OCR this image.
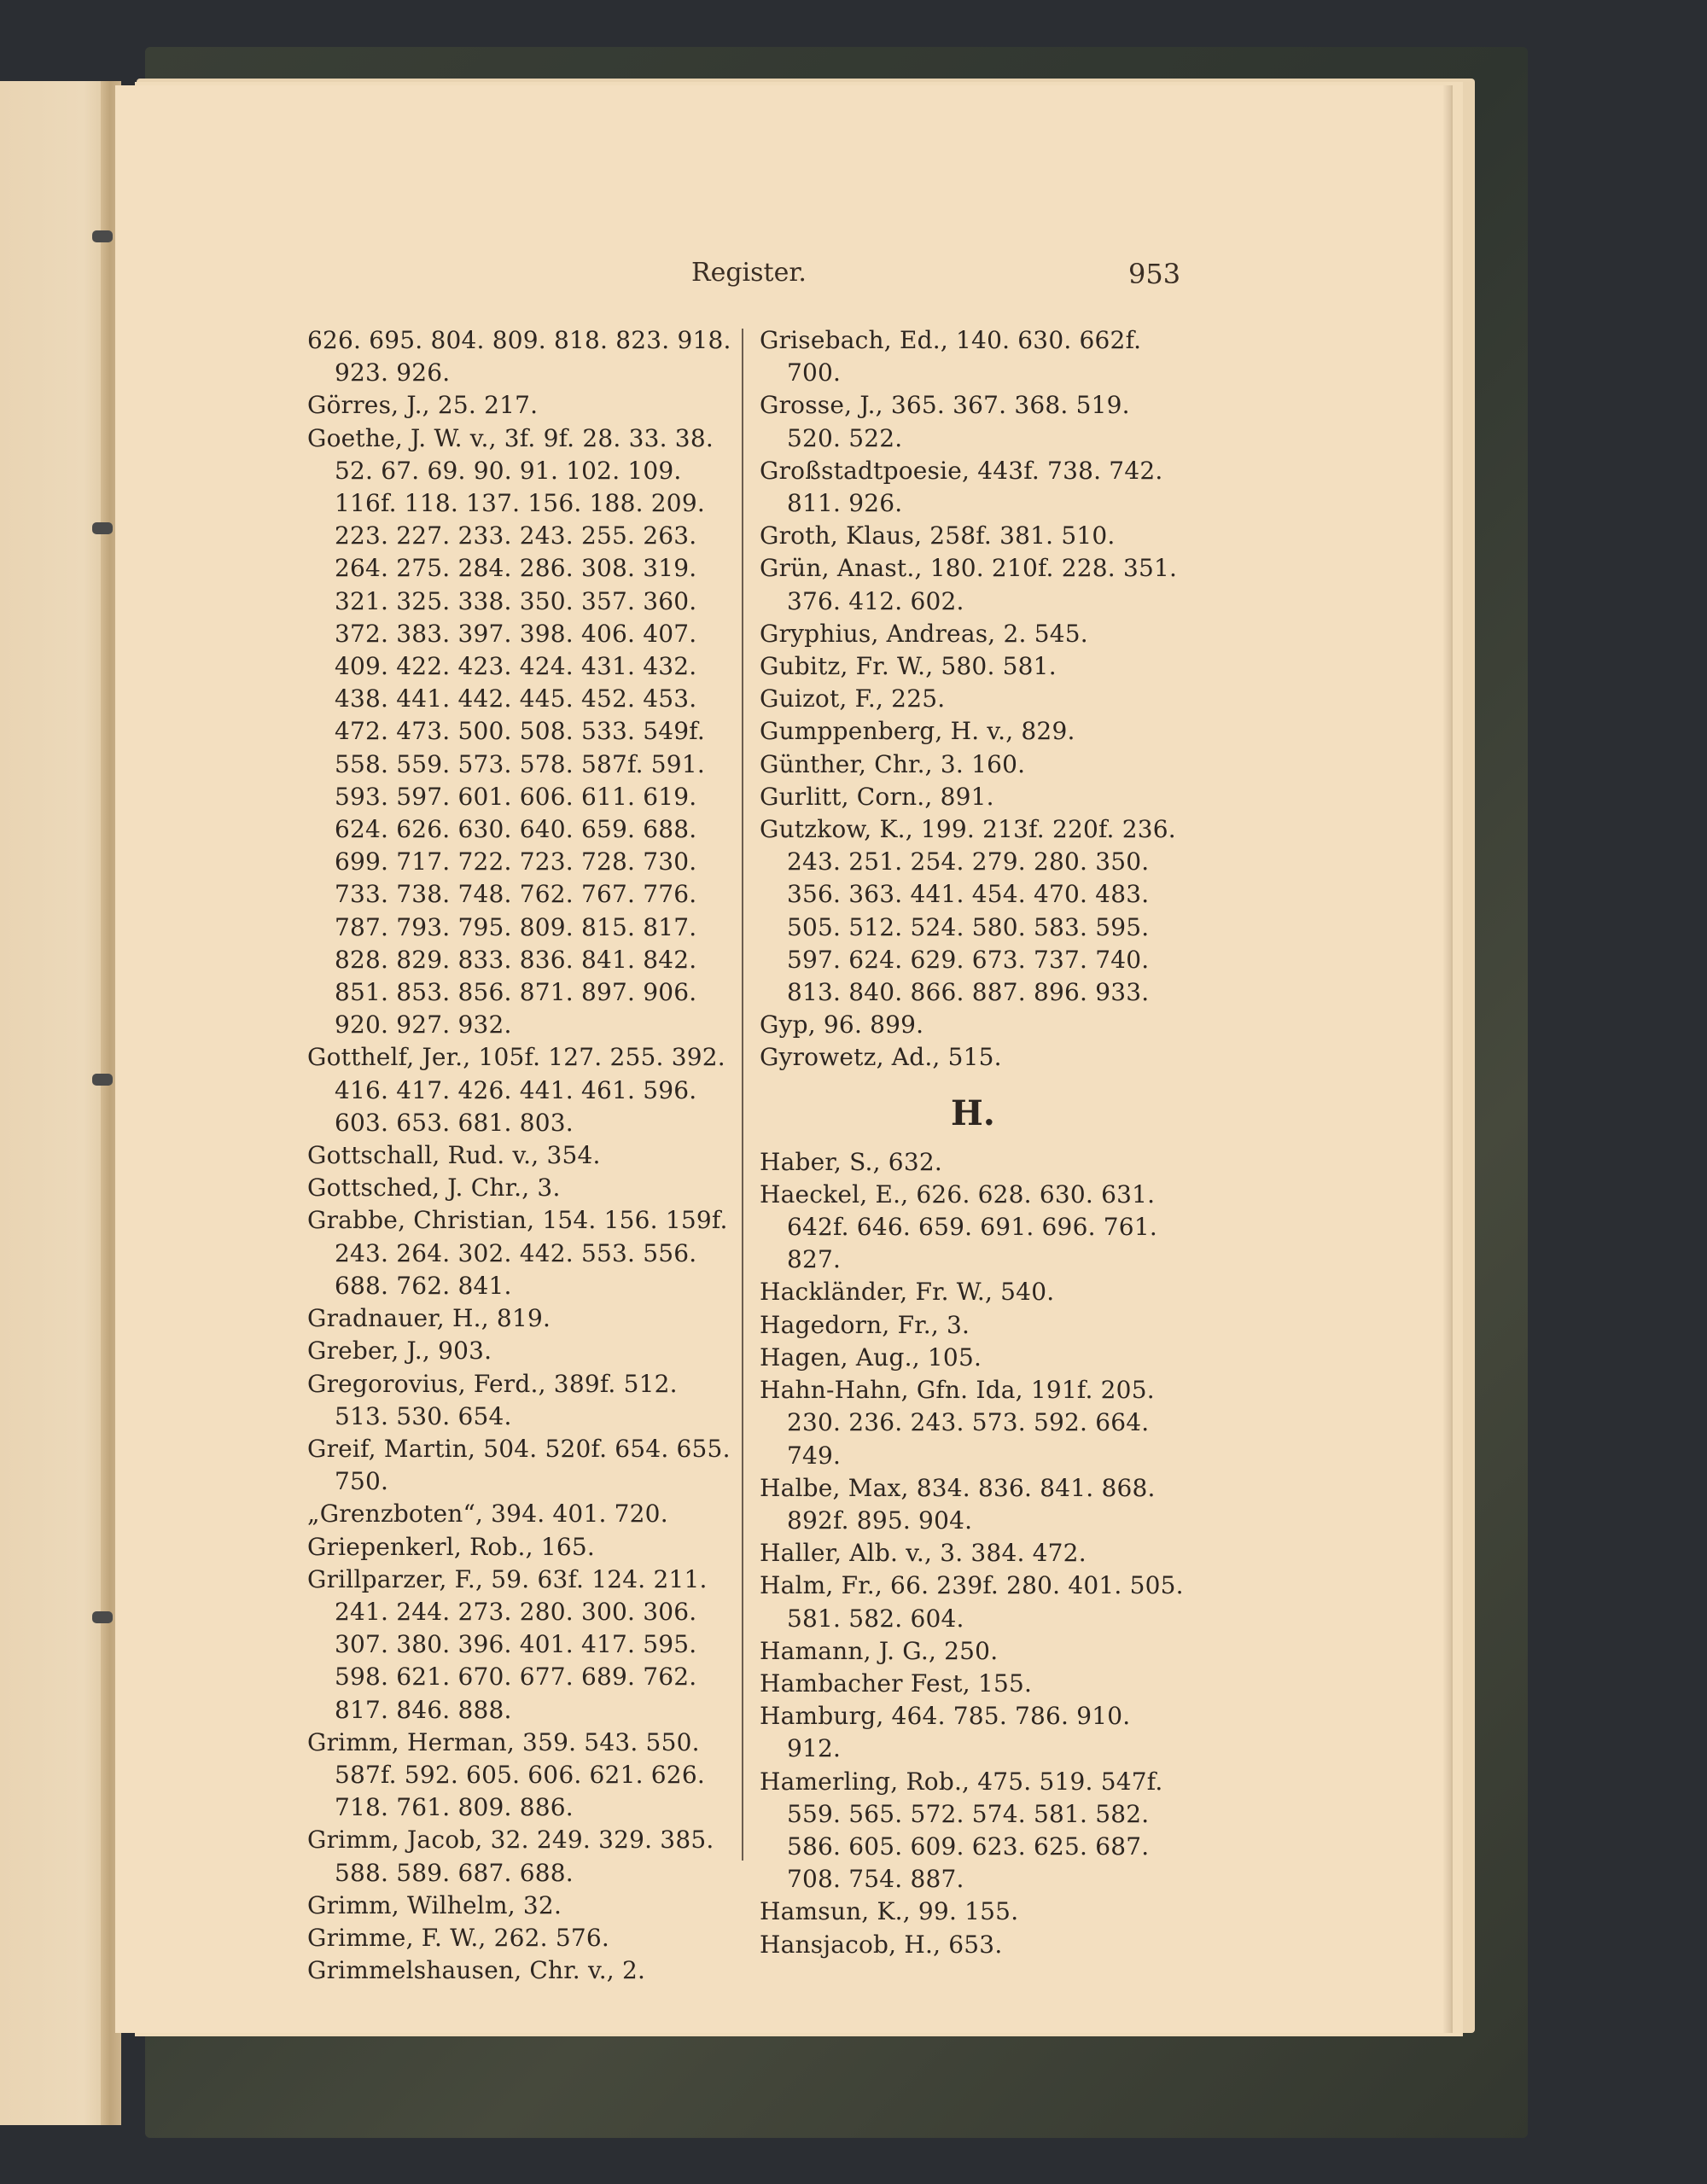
Register.	953

626. 695. 804. 809. 818. 823. 918. 923. 926.

Görres, J., 25. 217.

Goethe, J. W. v., 3f. 9f. 28. 33. 38. 52. 67. 69. 90. 91. 102. 109. 116f. 118. 137. 156. 188. 209. 223. 227. 233. 243. 255. 263. 264. 275. 284. 286. 308. 319. 321. 325. 338. 350. 357. 360. 372. 383. 397. 398. 406. 407. 409. 422. 423. 424. 431. 432. 438. 441. 442. 445. 452. 453. 472. 473. 500. 508. 533. 549f. 558. 559. 573. 578. 587f. 591. 593. 597. 601. 606. 611. 619. 624. 626. 630. 640. 659. 688. 699. 717. 722. 723. 728. 730. 733. 738. 748. 762. 767. 776. 787. 793. 795. 809. 815. 817. 828. 829. 833. 836. 841. 842. 851. 853. 856. 871. 897. 906. 920. 927. 932.

Gotthelf, Jer., 105f. 127. 255. 392. 416. 417. 426. 441. 461. 596. 603. 653. 681. 803.

Gottschall, Rud. v., 354.

Gottsched, J. Chr., 3.

Grabbe, Christian, 154. 156. 159f. 243. 264. 302. 442. 553. 556. 688. 762. 841.

Gradnauer, H., 819.

Greber, J., 903.

Gregorovius, Ferd., 389f. 512. 513. 530. 654.

Greif, Martin, 504. 520f. 654. 655. 750.

„Grenzboten“, 394. 401. 720.

Griepenkerl, Rob., 165.

Grillparzer, F., 59. 63f. 124. 211. 241. 244. 273. 280. 300. 306. 307. 380. 396. 401. 417. 595. 598. 621. 670. 677. 689. 762. 817. 846. 888.

Grimm, Herman, 359. 543. 550. 587f. 592. 605. 606. 621. 626. 718. 761. 809. 886.

Grimm, Jacob, 32. 249. 329. 385. 588. 589. 687. 688.

Grimm, Wilhelm, 32.

Grimme, F. W., 262. 576.

Grimmelshausen, Chr. v., 2.

Grisebach, Ed., 140. 630. 662f. 700.

Grosse, J., 365. 367. 368. 519. 520. 522.

Großstadtpoesie, 443f. 738. 742. 811. 926.

Groth, Klaus, 258f. 381. 510.

Grün, Anast., 180. 210f. 228. 351. 376. 412. 602.

Gryphius, Andreas, 2. 545.

Gubitz, Fr. W., 580. 581.

Guizot, F., 225.

Gumppenberg, H. v., 829.

Günther, Chr., 3. 160.

Gurlitt, Corn., 891.

Gutzkow, K., 199. 213f. 220f. 236. 243. 251. 254. 279. 280. 350. 356. 363. 441. 454. 470. 483. 505. 512. 524. 580. 583. 595. 597. 624. 629. 673. 737. 740. 813. 840. 866. 887. 896. 933.

Gyp, 96. 899.

Gyrowetz, Ad., 515.

H.

Haber, S., 632.

Haeckel, E., 626. 628. 630. 631. 642f. 646. 659. 691. 696. 761. 827.

Hackländer, Fr. W., 540.

Hagedorn, Fr., 3.

Hagen, Aug., 105.

Hahn-Hahn, Gfn. Ida, 191f. 205. 230. 236. 243. 573. 592. 664. 749.

Halbe, Max, 834. 836. 841. 868. 892f. 895. 904.

Haller, Alb. v., 3. 384. 472.

Halm, Fr., 66. 239f. 280. 401. 505. 581. 582. 604.

Hamann, J. G., 250.

Hambacher Fest, 155.

Hamburg, 464. 785. 786. 910. 912.

Hamerling, Rob., 475. 519. 547f. 559. 565. 572. 574. 581. 582. 586. 605. 609. 623. 625. 687. 708. 754. 887.

Hamsun, K., 99. 155.

Hansjacob, H., 653.
